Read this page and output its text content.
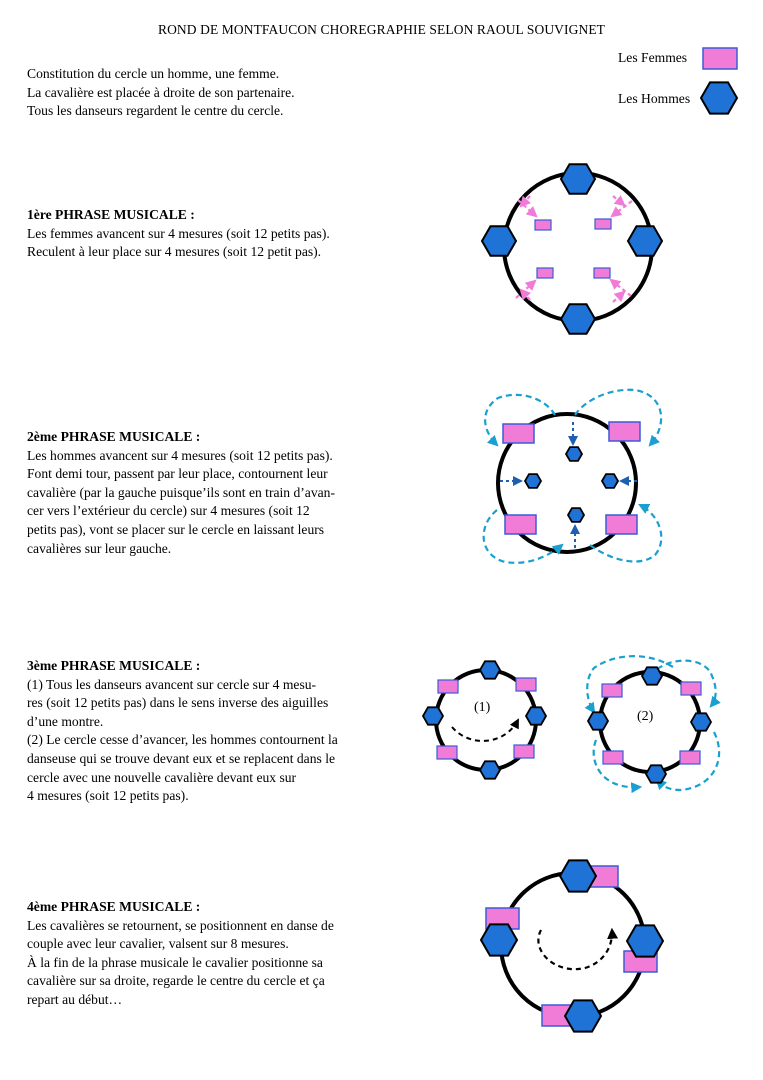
ROND DE MONTFAUCON CHOREGRAPHIE SELON RAOUL SOUVIGNET
Constitution du cercle un homme, une femme.
La cavalière est placée à droite de son partenaire.
Tous les danseurs regardent le centre du cercle.
Les Femmes
Les Hommes
1ère PHRASE MUSICALE :
Les femmes avancent sur 4 mesures (soit 12 petits pas).
Reculent à leur place sur 4 mesures (soit 12 petit pas).
2ème PHRASE MUSICALE :
Les hommes avancent sur 4 mesures (soit 12 petits pas).
Font demi tour, passent par leur place, contournent leur
cavalière (par la gauche puisque’ils sont en train d’avan-
cer vers l’extérieur du cercle) sur 4 mesures (soit 12
petits pas), vont se placer sur le cercle en laissant leurs
cavalières sur leur gauche.
3ème PHRASE MUSICALE :
(1) Tous les danseurs avancent sur cercle sur 4 mesu-
res (soit 12 petits pas) dans le sens inverse des aiguilles
d’une montre.
(2) Le cercle cesse d’avancer, les hommes contournent la
danseuse qui se trouve devant eux et se replacent dans le
cercle avec une nouvelle cavalière devant eux sur
4 mesures (soit 12 petits pas).
4ème PHRASE MUSICALE :
Les cavalières se retournent, se positionnent en danse de
couple avec leur cavalier, valsent sur 8 mesures.
À la fin de la phrase musicale le cavalier positionne sa
cavalière sur sa droite, regarde le centre du cercle et ça
repart au début…
(1)
(2)
